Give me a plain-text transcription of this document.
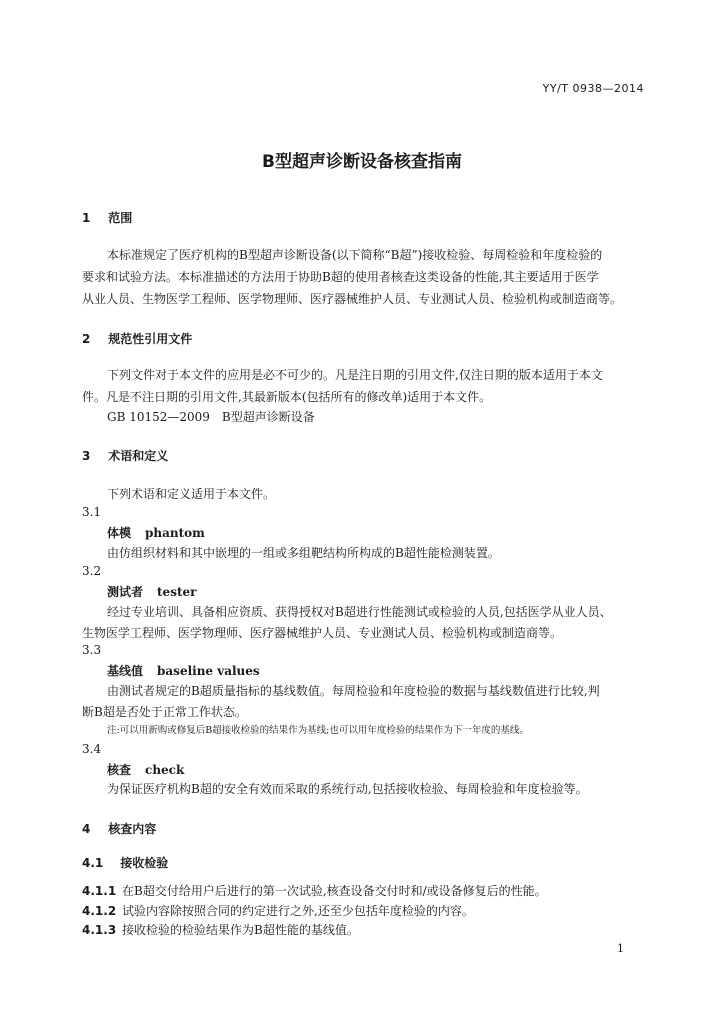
YY/T 0938—2014
B型超声诊断设备核查指南
1 范围
本标准规定了医疗机构的B型超声诊断设备(以下简称“B超”)接收检验、每周检验和年度检验的
要求和试验方法。本标准描述的方法用于协助B超的使用者核查这类设备的性能,其主要适用于医学
从业人员、生物医学工程师、医学物理师、医疗器械维护人员、专业测试人员、检验机构或制造商等。
2 规范性引用文件
下列文件对于本文件的应用是必不可少的。凡是注日期的引用文件,仅注日期的版本适用于本文
件。凡是不注日期的引用文件,其最新版本(包括所有的修改单)适用于本文件。
GB 10152—2009　B型超声诊断设备
3 术语和定义
下列术语和定义适用于本文件。
3.1
体模 phantom
由仿组织材料和其中嵌埋的一组或多组靶结构所构成的B超性能检测装置。
3.2
测试者 tester
经过专业培训、具备相应资质、获得授权对B超进行性能测试或检验的人员,包括医学从业人员、
生物医学工程师、医学物理师、医疗器械维护人员、专业测试人员、检验机构或制造商等。
3.3
基线值 baseline values
由测试者规定的B超质量指标的基线数值。每周检验和年度检验的数据与基线数值进行比较,判
断B超是否处于正常工作状态。
注:可以用新购或修复后B超接收检验的结果作为基线;也可以用年度检验的结果作为下一年度的基线。
3.4
核查 check
为保证医疗机构B超的安全有效而采取的系统行动,包括接收检验、每周检验和年度检验等。
4 核查内容
4.1 接收检验
4.1.1 在B超交付给用户后进行的第一次试验,核查设备交付时和/或设备修复后的性能。
4.1.2 试验内容除按照合同的约定进行之外,还至少包括年度检验的内容。
4.1.3 接收检验的检验结果作为B超性能的基线值。
1
